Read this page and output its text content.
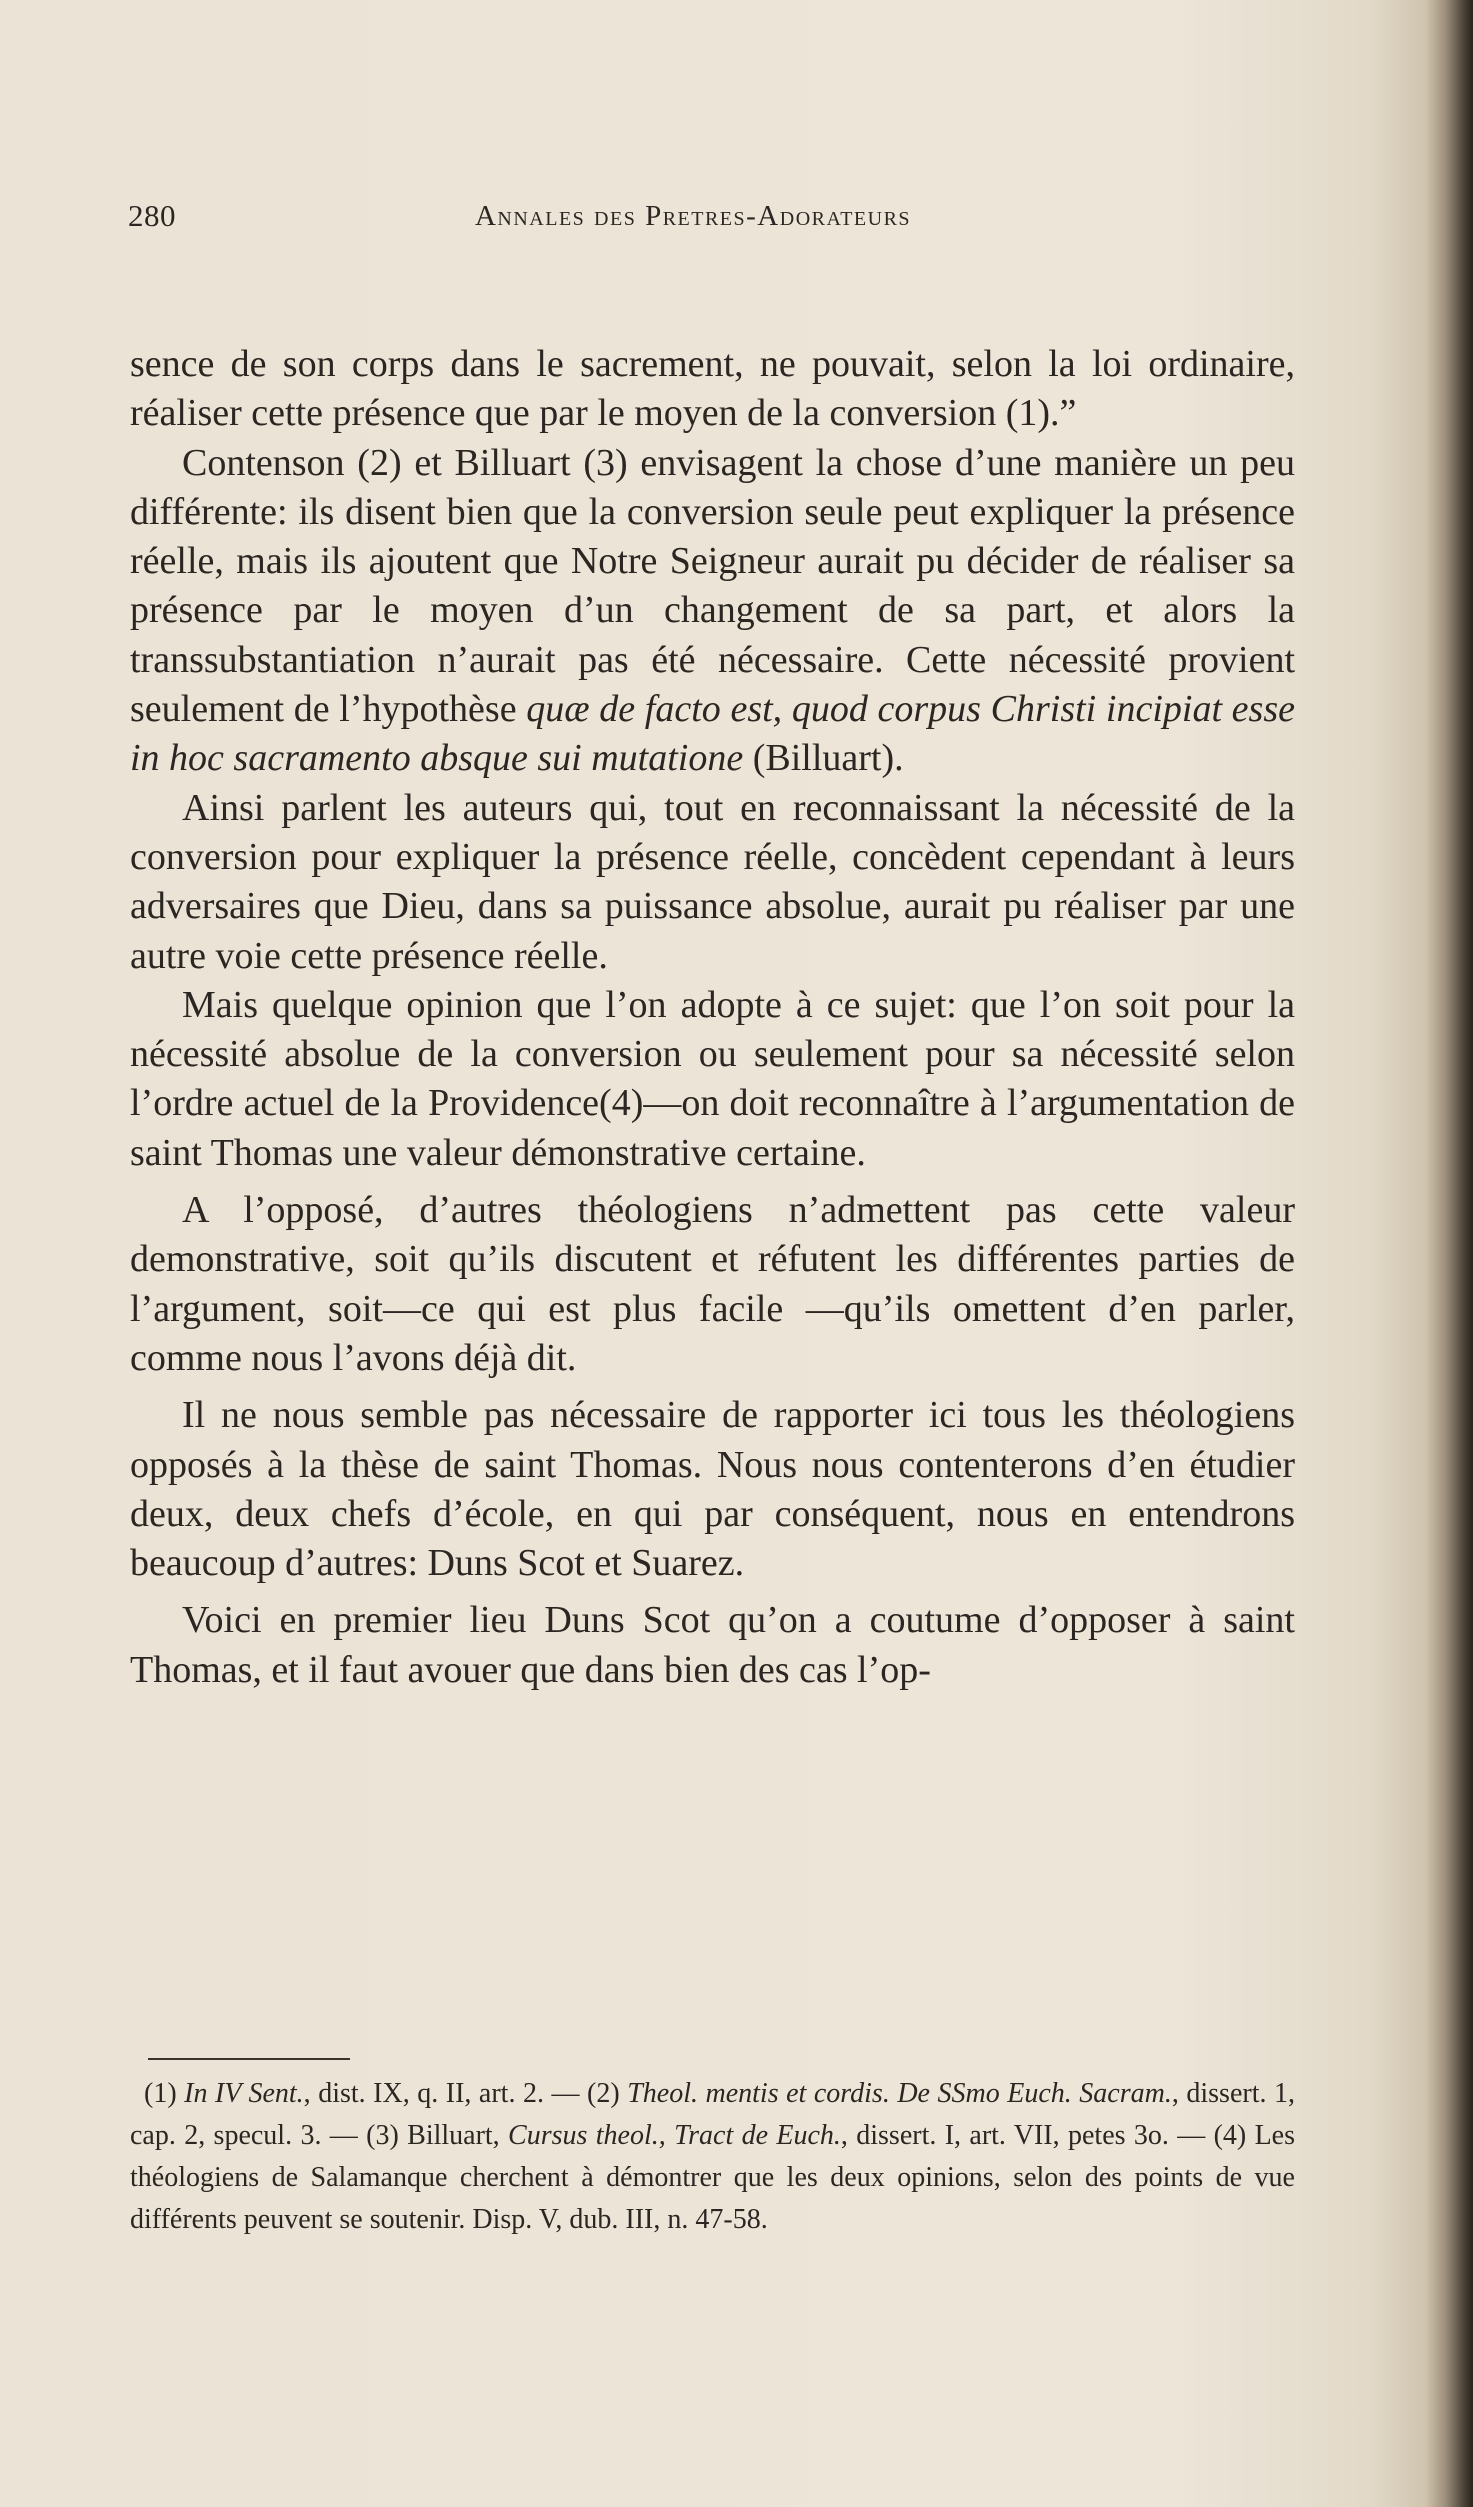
280	Annales des Pretres-Adorateurs

sence de son corps dans le sacrement, ne pouvait, selon la loi ordinaire, réaliser cette présence que par le moyen de la conversion (1).”

Contenson (2) et Billuart (3) envisagent la chose d’une manière un peu différente: ils disent bien que la conversion seule peut expliquer la présence réelle, mais ils ajoutent que Notre Seigneur aurait pu décider de réaliser sa présence par le moyen d’un changement de sa part, et alors la transsubstantiation n’aurait pas été nécessaire. Cette nécessité provient seulement de l’hypothèse quæ de facto est, quod corpus Christi incipiat esse in hoc sacramento absque sui mutatione (Billuart).

Ainsi parlent les auteurs qui, tout en reconnaissant la nécessité de la conversion pour expliquer la présence réelle, concèdent cependant à leurs adversaires que Dieu, dans sa puissance absolue, aurait pu réaliser par une autre voie cette présence réelle.

Mais quelque opinion que l’on adopte à ce sujet: que l’on soit pour la nécessité absolue de la conversion ou seulement pour sa nécessité selon l’ordre actuel de la Providence(4)—on doit reconnaître à l’argumentation de saint Thomas une valeur démonstrative certaine.

A l’opposé, d’autres théologiens n’admettent pas cette valeur demonstrative, soit qu’ils discutent et réfutent les différentes parties de l’argument, soit—ce qui est plus facile —qu’ils omettent d’en parler, comme nous l’avons déjà dit.

Il ne nous semble pas nécessaire de rapporter ici tous les théologiens opposés à la thèse de saint Thomas. Nous nous contenterons d’en étudier deux, deux chefs d’école, en qui par conséquent, nous en entendrons beaucoup d’autres: Duns Scot et Suarez.

Voici en premier lieu Duns Scot qu’on a coutume d’opposer à saint Thomas, et il faut avouer que dans bien des cas l’op-

(1) In IV Sent., dist. IX, q. II, art. 2. — (2) Theol. mentis et cordis. De SSmo Euch. Sacram., dissert. 1, cap. 2, specul. 3. — (3) Billuart, Cursus theol., Tract de Euch., dissert. I, art. VII, petes 3o. — (4) Les théologiens de Salamanque cherchent à démontrer que les deux opinions, selon des points de vue différents peuvent se soutenir. Disp. V, dub. III, n. 47-58.
